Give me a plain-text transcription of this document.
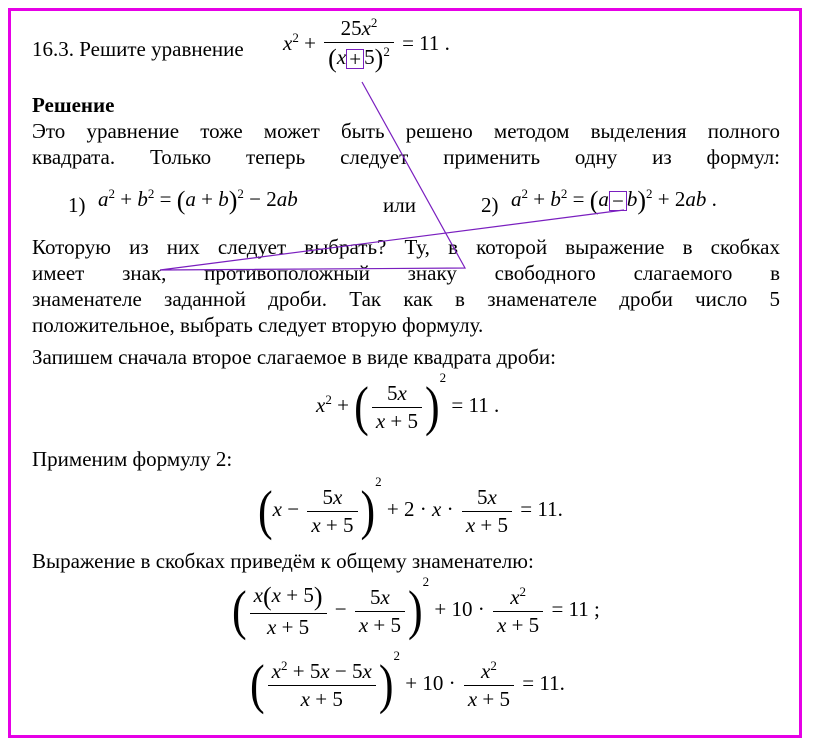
16.3. Решите уравнение $x^2 + \frac{25x^2}{(x + 5)^2} = 11$ .
Решение
Это уравнение тоже может быть решено методом выделения полного
квадрата. Только теперь следует применить одну из формул:
1) $a^2 + b^2 = (a + b)^2 - 2ab$	или	2) $a^2 + b^2 = (a - b)^2 + 2ab$ .
Которую из них следует выбрать? Ту, в которой выражение в скобках
имеет знак, противоположный знаку свободного слагаемого в
знаменателе заданной дроби. Так как в знаменателе дроби число 5
положительное, выбрать следует вторую формулу.
Запишем сначала второе слагаемое в виде квадрата дроби:
$x^2$ + ( $\frac{5x}{x + 5} )^2 = 11$ .
Применим формулу 2:
$(x - \frac{5x}{x + 5} )^2 + 2 \cdot x \cdot \frac{5x}{x + 5} = 11$.
Выражение в скобках приведём к общему знаменателю:
( $\frac{x(x + 5)}{x + 5} - \frac{5x}{x + 5} )^2 + 10 \cdot \frac{x^2}{x + 5} = 11$ ;
( $\frac{x^2 + 5x - 5x}{x + 5} )^2 + 10 \cdot \frac{x^2}{x + 5} = 11$.
